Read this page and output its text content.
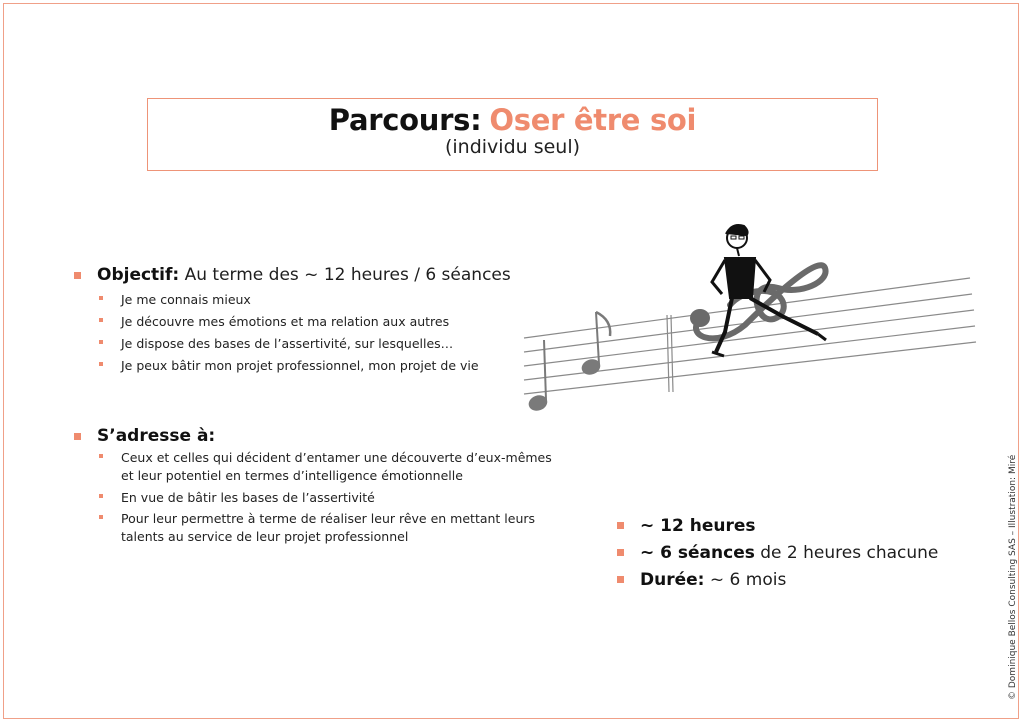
Parcours: Oser être soi
(individu seul)
Objectif: Au terme des ~ 12 heures / 6 séances
Je me connais mieux
Je découvre mes émotions et ma relation aux autres
Je dispose des bases de l’assertivité, sur lesquelles…
Je peux bâtir mon projet professionnel, mon projet de vie
S’adresse à:
Ceux et celles qui décident d’entamer une découverte d’eux-mêmes
et leur potentiel en termes d’intelligence émotionnelle
En vue de bâtir les bases de l’assertivité
Pour leur permettre à terme de réaliser leur rêve en mettant leurs
talents au service de leur projet professionnel
~ 12 heures
~ 6 séances de 2 heures chacune
Durée: ~ 6 mois	© Dominique Bellos Consulting SAS – Illustration: Miré
